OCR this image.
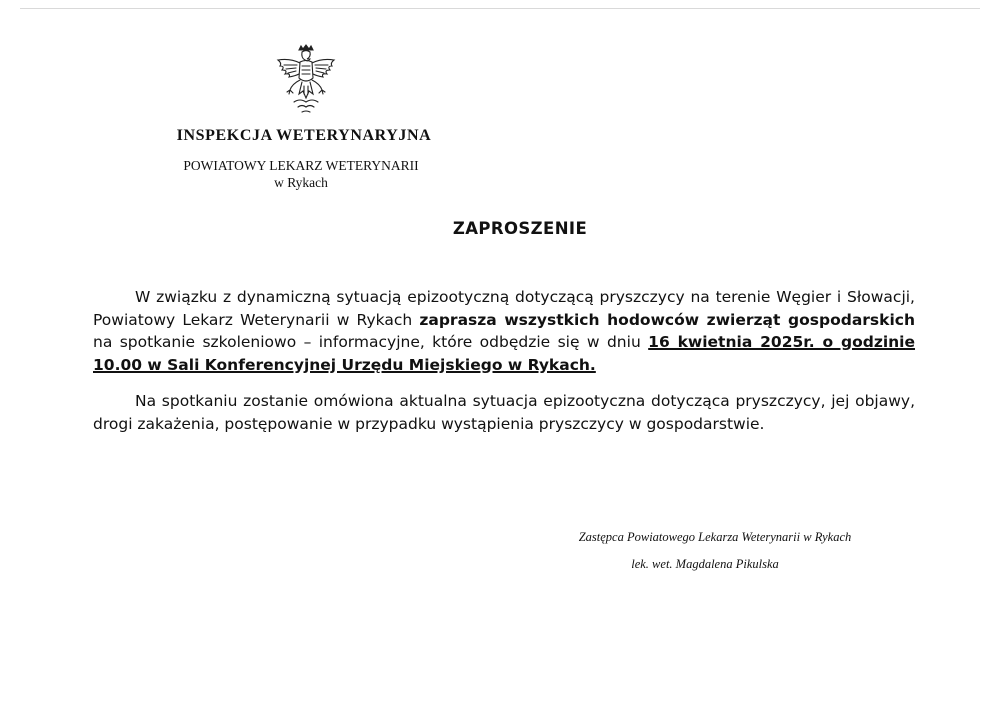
INSPEKCJA WETERYNARYJNA
POWIATOWY LEKARZ WETERYNARII
w Rykach
ZAPROSZENIE

W związku z dynamiczną sytuacją epizootyczną dotyczącą pryszczycy na terenie Węgier i Słowacji, Powiatowy Lekarz Weterynarii w Rykach zaprasza wszystkich hodowców zwierząt gospodarskich na spotkanie szkoleniowo – informacyjne, które odbędzie się w dniu 16 kwietnia 2025r. o godzinie 10.00 w Sali Konferencyjnej Urzędu Miejskiego w Rykach.

Na spotkaniu zostanie omówiona aktualna sytuacja epizootyczna dotycząca pryszczycy, jej objawy, drogi zakażenia, postępowanie w przypadku wystąpienia pryszczycy w gospodarstwie.

Zastępca Powiatowego Lekarza Weterynarii w Rykach
lek. wet. Magdalena Pikulska
